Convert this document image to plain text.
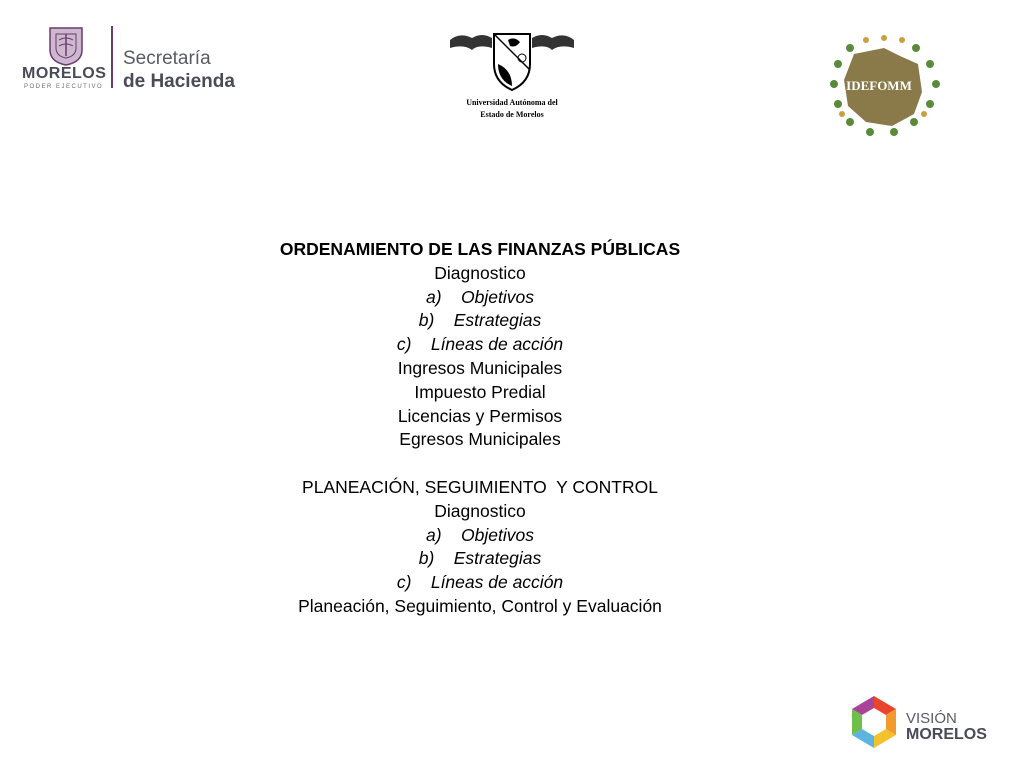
MORELOS
PODER EJECUTIVO
Secretaría
de Hacienda
Universidad Autónoma del
Estado de Morelos
IDEFOMM
ORDENAMIENTO DE LAS FINANZAS PÚBLICAS
Diagnostico
a)    Objetivos
b)    Estrategias
c)    Líneas de acción
Ingresos Municipales
Impuesto Predial
Licencias y Permisos
Egresos Municipales
PLANEACIÓN, SEGUIMIENTO  Y CONTROL
Diagnostico
a)    Objetivos
b)    Estrategias
c)    Líneas de acción
Planeación, Seguimiento, Control y Evaluación
VISIÓN
MORELOS
